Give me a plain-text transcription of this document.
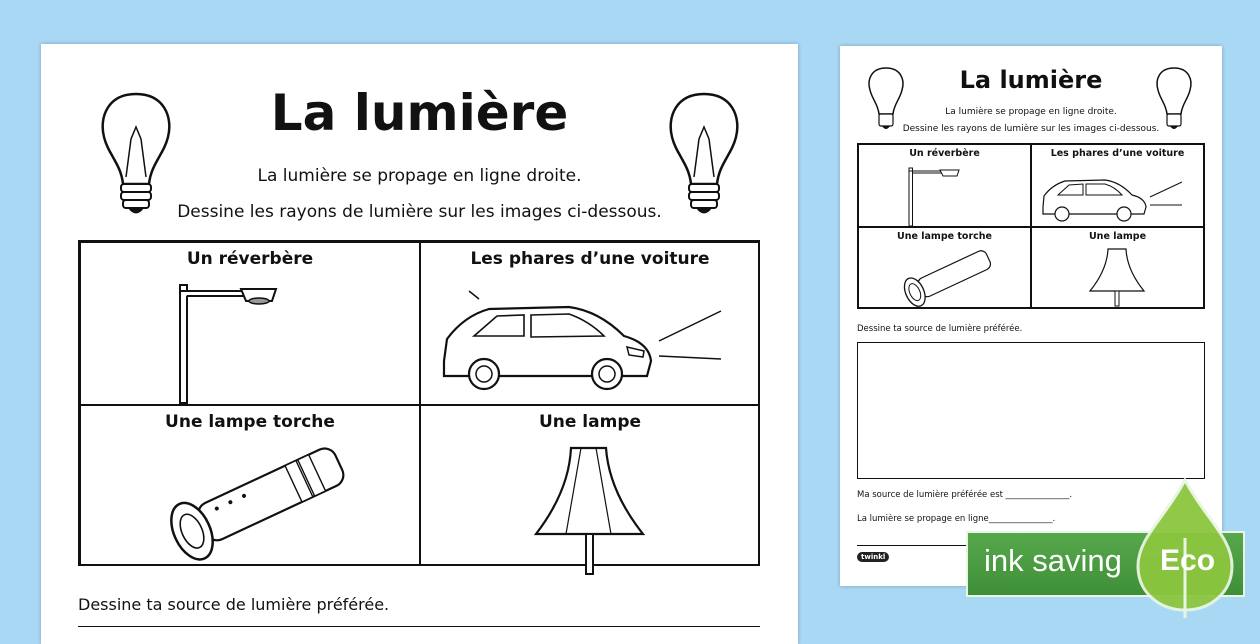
La lumière
La lumière se propage en ligne droite.
Dessine les rayons de lumière sur les images ci-dessous.
Un réverbère	Les phares d’une voiture
Une lampe torche	Une lampe
Dessine ta source de lumière préférée.
La lumière
La lumière se propage en ligne droite.
Dessine les rayons de lumière sur les images ci-dessous.
Un réverbère	Les phares d’une voiture
Une lampe torche	Une lampe
Dessine ta source de lumière préférée.
Ma source de lumière préférée est _______________.
La lumière se propage en ligne_______________.
twinkl	ink saving Eco
